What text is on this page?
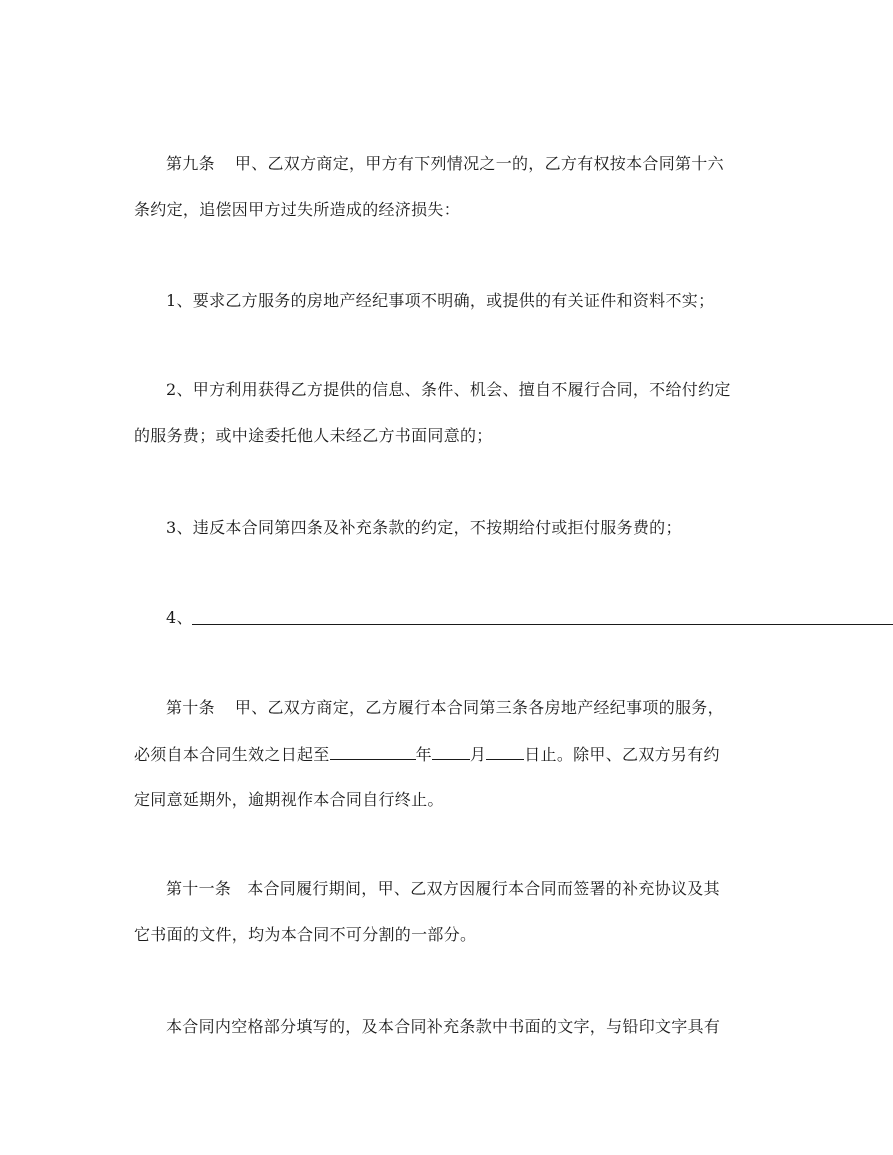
第九条 甲、乙双方商定，甲方有下列情况之一的，乙方有权按本合同第十六
条约定，追偿因甲方过失所造成的经济损失：
1、要求乙方服务的房地产经纪事项不明确，或提供的有关证件和资料不实；
2、甲方利用获得乙方提供的信息、条件、机会、擅自不履行合同，不给付约定
的服务费；或中途委托他人未经乙方书面同意的；
3、违反本合同第四条及补充条款的约定，不按期给付或拒付服务费的；
4、
第十条 甲、乙双方商定，乙方履行本合同第三条各房地产经纪事项的服务，
必须自本合同生效之日起至	年 月 日止。除甲、乙双方另有约
定同意延期外，逾期视作本合同自行终止。
第十一条 本合同履行期间，甲、乙双方因履行本合同而签署的补充协议及其
它书面的文件，均为本合同不可分割的一部分。
本合同内空格部分填写的，及本合同补充条款中书面的文字，与铅印文字具有
